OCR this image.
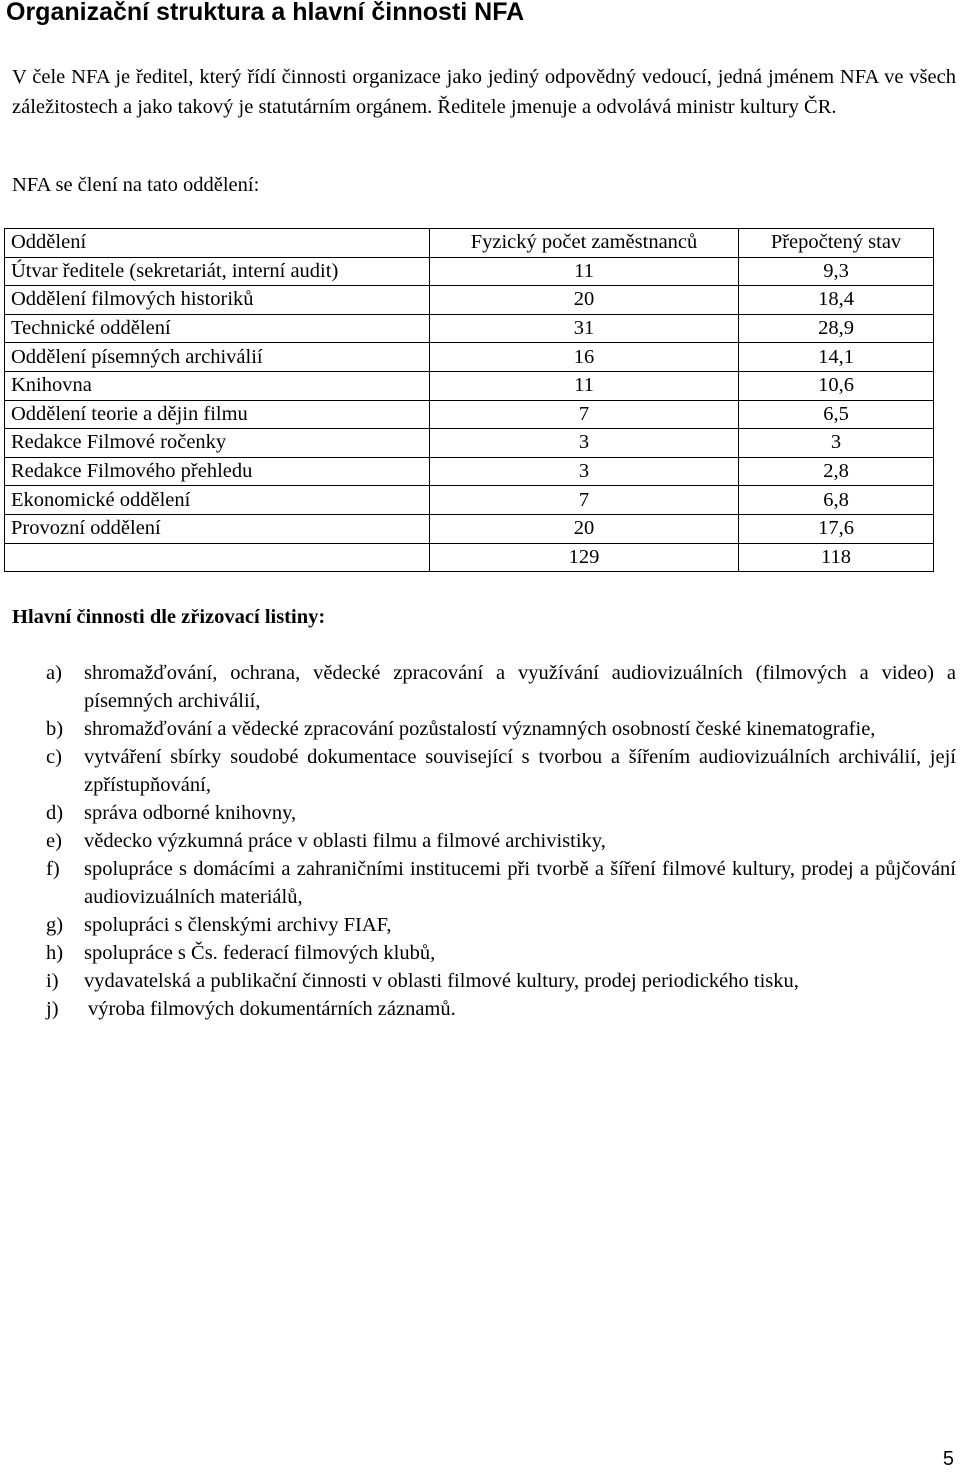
Organizační struktura a hlavní činnosti NFA

V čele NFA je ředitel, který řídí činnosti organizace jako jediný odpovědný vedoucí, jedná jménem NFA ve všech záležitostech a jako takový je statutárním orgánem. Ředitele jmenuje a odvolává ministr kultury ČR.

NFA se člení na tato oddělení:

Oddělení	Fyzický počet zaměstnanců	Přepočtený stav
Útvar ředitele (sekretariát, interní audit)	11	9,3
Oddělení filmových historiků	20	18,4
Technické oddělení	31	28,9
Oddělení písemných archiválií	16	14,1
Knihovna	11	10,6
Oddělení teorie a dějin filmu	7	6,5
Redakce Filmové ročenky	3	3
Redakce Filmového přehledu	3	2,8
Ekonomické oddělení	7	6,8
Provozní oddělení	20	17,6
	129	118

Hlavní činnosti dle zřizovací listiny:

a) shromažďování, ochrana, vědecké zpracování a využívání audiovizuálních (filmových a video) a písemných archiválií,
b) shromažďování a vědecké zpracování pozůstalostí významných osobností české kinematografie,
c) vytváření sbírky soudobé dokumentace související s tvorbou a šířením audiovizuálních archiválií, její zpřístupňování,
d) správa odborné knihovny,
e) vědecko výzkumná práce v oblasti filmu a filmové archivistiky,
f) spolupráce s domácími a zahraničními institucemi při tvorbě a šíření filmové kultury, prodej a půjčování audiovizuálních materiálů,
g) spolupráci s členskými archivy FIAF,
h) spolupráce s Čs. federací filmových klubů,
i) vydavatelská a publikační činnosti v oblasti filmové kultury, prodej periodického tisku,
j) výroba filmových dokumentárních záznamů.

5
